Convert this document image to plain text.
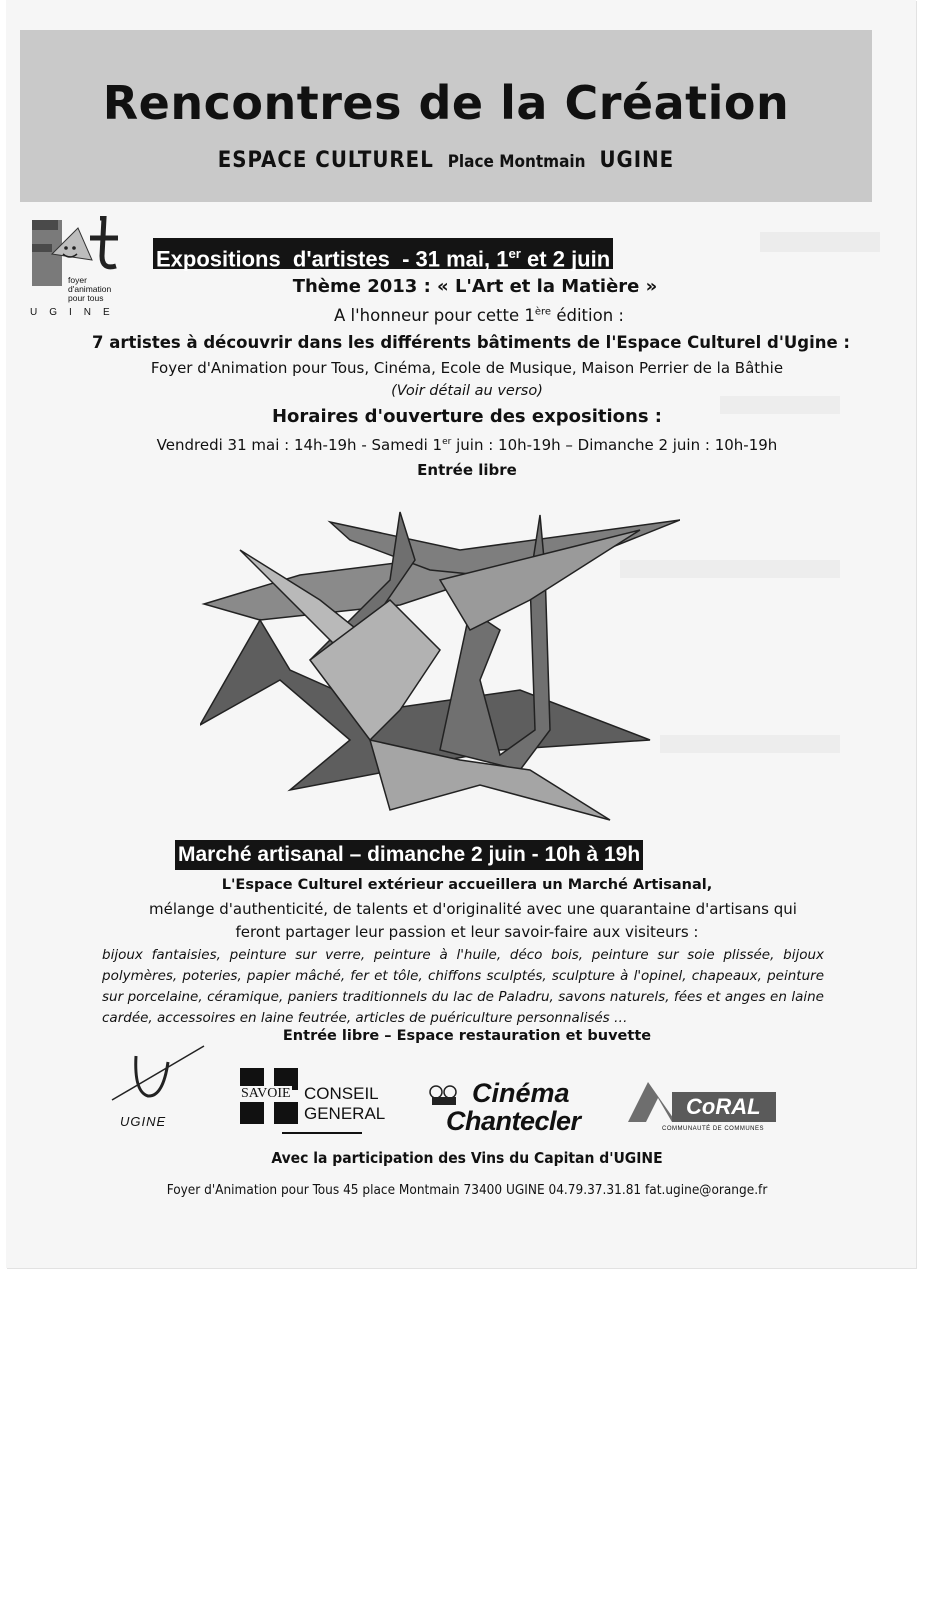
Rencontres de la Création
ESPACE CULTUREL Place Montmain UGINE
foyer
d'animation
pour tous
UGINE
Expositions  d'artistes  - 31 mai, 1er et 2 juin
Thème 2013 : « L'Art et la Matière »
A l'honneur pour cette 1ère édition :
7 artistes à découvrir dans les différents bâtiments de l'Espace Culturel d'Ugine :
Foyer d'Animation pour Tous, Cinéma, Ecole de Musique, Maison Perrier de la Bâthie
(Voir détail au verso)
Horaires d'ouverture des expositions :
Vendredi 31 mai : 14h-19h - Samedi 1er juin : 10h-19h – Dimanche 2 juin : 10h-19h
Entrée libre
Marché artisanal – dimanche 2 juin - 10h à 19h
L'Espace Culturel extérieur accueillera un Marché Artisanal,
mélange d'authenticité, de talents et d'originalité avec une quarantaine d'artisans qui
feront partager leur passion et leur savoir-faire aux visiteurs :
bijoux fantaisies, peinture sur verre, peinture à l'huile, déco bois, peinture sur soie plissée, bijoux polymères, poteries, papier mâché, fer et tôle, chiffons sculptés, sculpture à l'opinel, chapeaux, peinture sur porcelaine, céramique, paniers traditionnels du lac de Paladru, savons naturels, fées et anges en laine cardée, accessoires en laine feutrée, articles de puériculture personnalisés …
Entrée libre – Espace restauration et buvette
UGINE
SAVOIE CONSEIL
GENERAL
Cinéma
Chantecler	CoRAL
COMMUNAUTÉ DE COMMUNES
Avec la participation des Vins du Capitan d'UGINE
Foyer d'Animation pour Tous 45 place Montmain 73400 UGINE 04.79.37.31.81 fat.ugine@orange.fr
